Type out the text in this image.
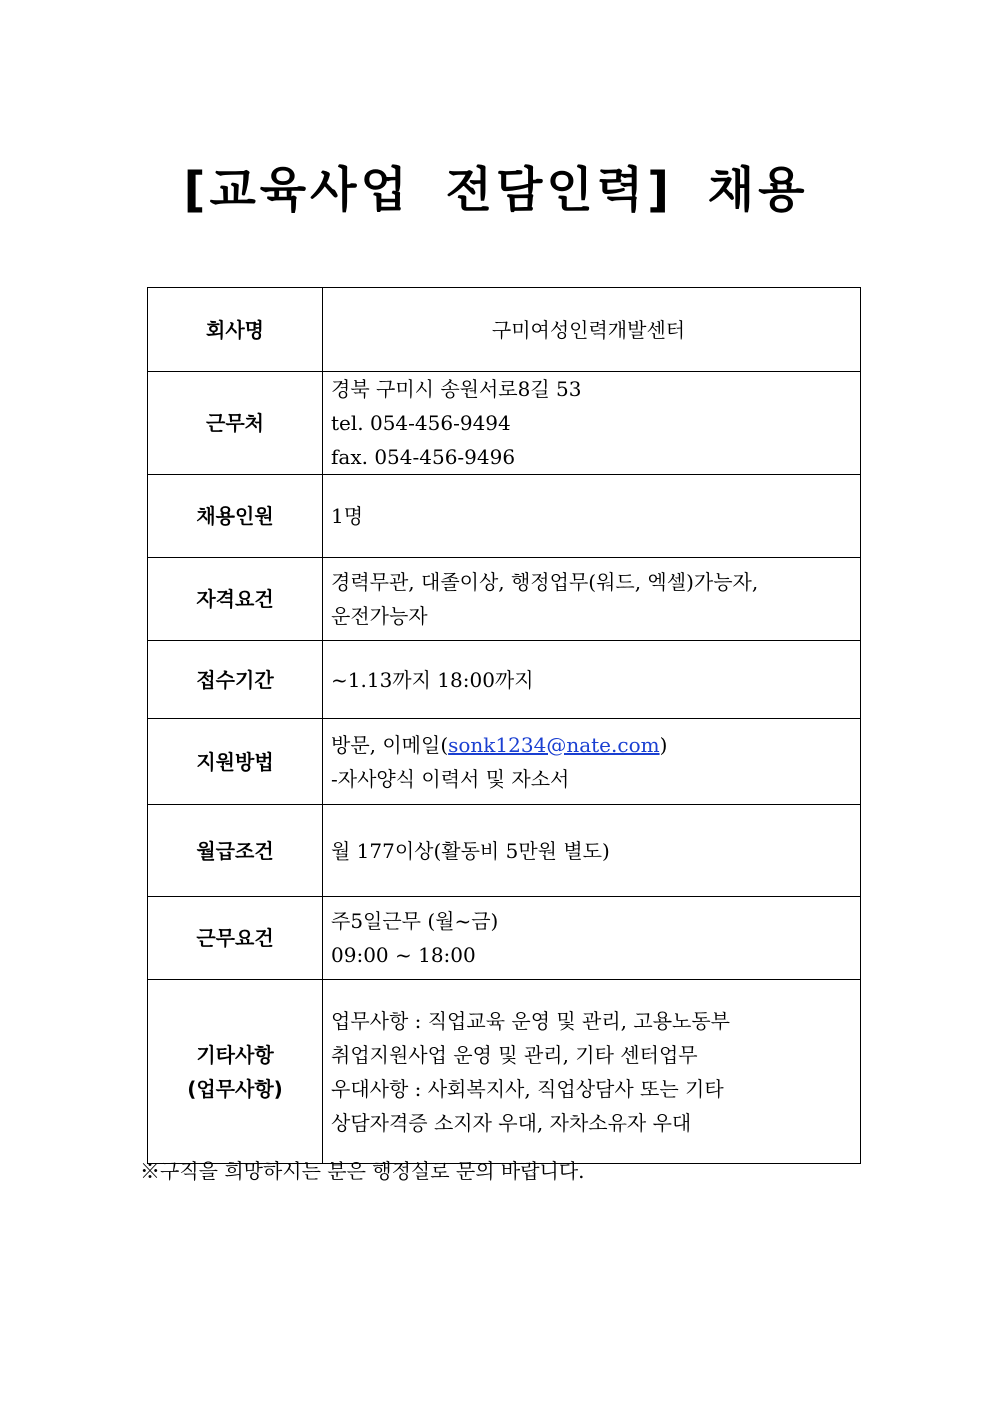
[교육사업 전담인력] 채용
회사명	구미여성인력개발센터
근무처	경북 구미시 송원서로8길 53
tel. 054-456-9494
fax. 054-456-9496

채용인원	1명
자격요건	경력무관, 대졸이상, 행정업무(워드, 엑셀)가능자,
운전가능자

접수기간	~1.13까지 18:00까지
지원방법	방문, 이메일(sonk1234@nate.com)
-자사양식 이력서 및 자소서

월급조건	월 177이상(활동비 5만원 별도)
근무요건	주5일근무 (월~금)
09:00 ~ 18:00

기타사항
(업무사항)	업무사항 : 직업교육 운영 및 관리, 고용노동부
취업지원사업 운영 및 관리, 기타 센터업무
우대사항 : 사회복지사, 직업상담사 또는 기타
상담자격증 소지자 우대, 자차소유자 우대
※구직을 희망하시는 분은 행정실로 문의 바랍니다.
